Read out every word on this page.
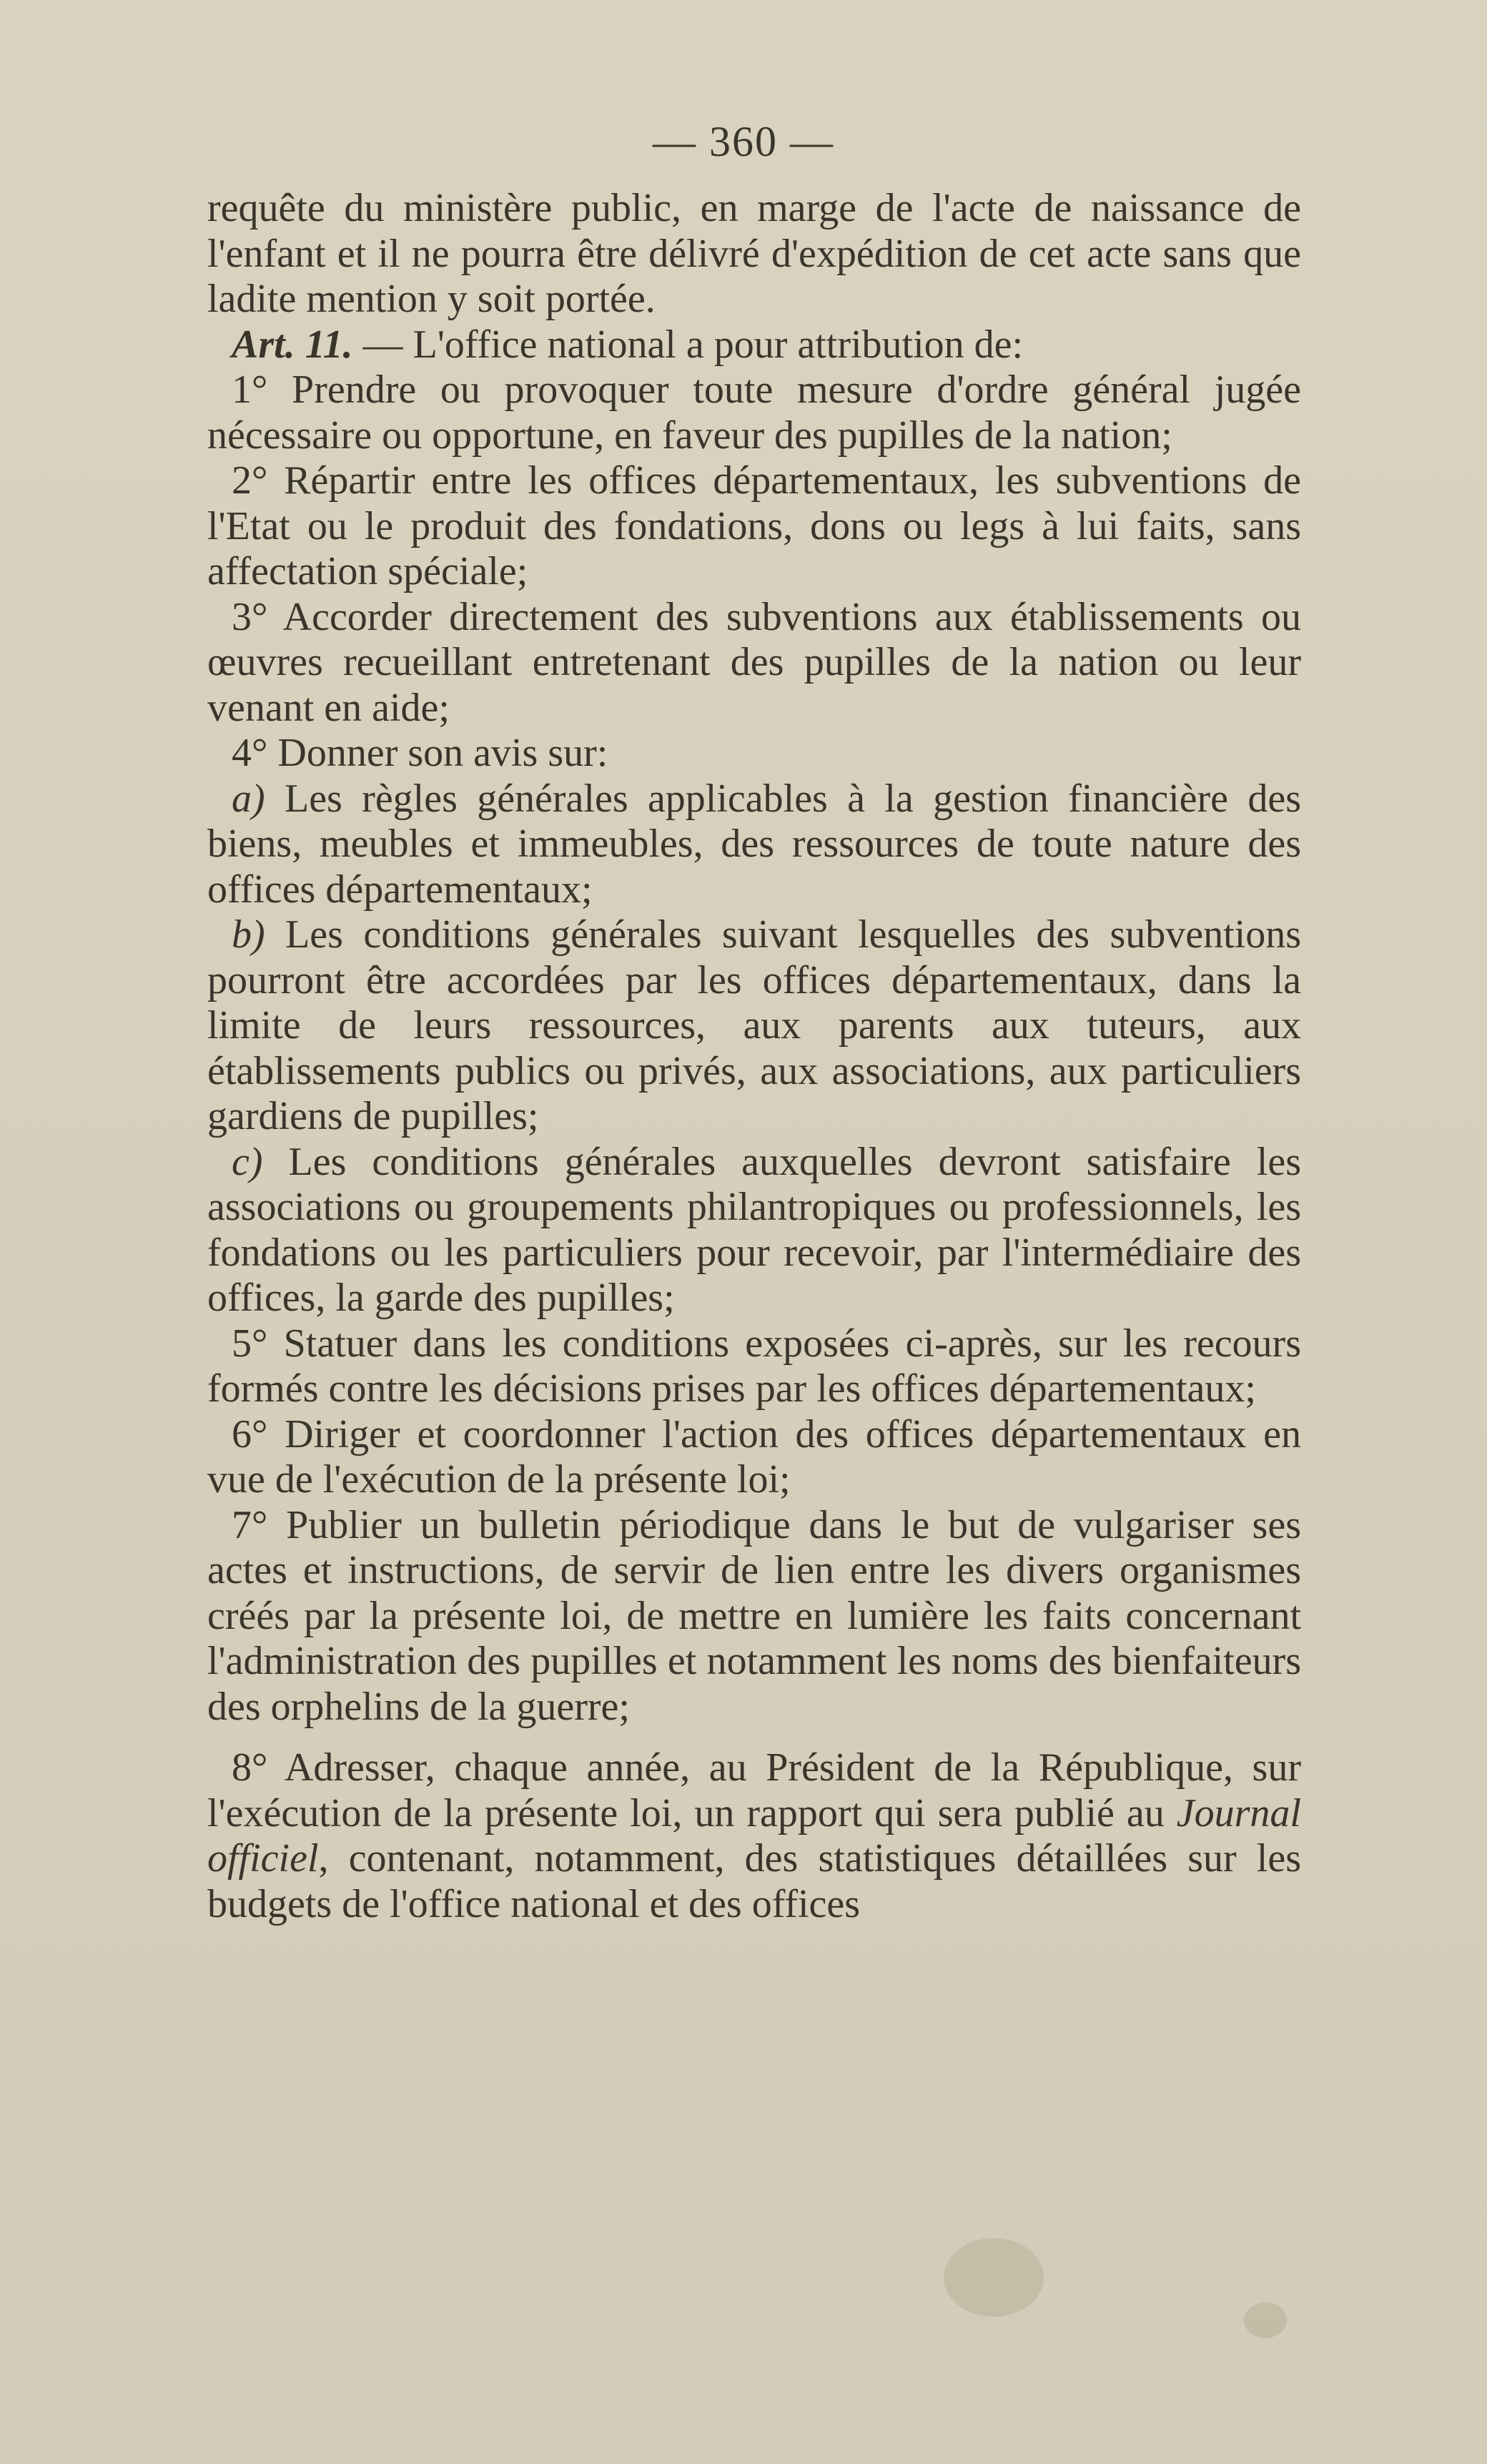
— 360 —

requête du ministère public, en marge de l'acte de naissance de l'enfant et il ne pourra être délivré d'expédition de cet acte sans que ladite mention y soit portée.

Art. 11. — L'office national a pour attribution de:

1° Prendre ou provoquer toute mesure d'ordre général jugée nécessaire ou opportune, en faveur des pupilles de la nation;

2° Répartir entre les offices départementaux, les subventions de l'Etat ou le produit des fondations, dons ou legs à lui faits, sans affectation spéciale;

3° Accorder directement des subventions aux établissements ou œuvres recueillant entretenant des pupilles de la nation ou leur venant en aide;

4° Donner son avis sur:

a) Les règles générales applicables à la gestion financière des biens, meubles et immeubles, des ressources de toute nature des offices départementaux;

b) Les conditions générales suivant lesquelles des subventions pourront être accordées par les offices départementaux, dans la limite de leurs ressources, aux parents aux tuteurs, aux établissements publics ou privés, aux associations, aux particuliers gardiens de pupilles;

c) Les conditions générales auxquelles devront satisfaire les associations ou groupements philantropiques ou professionnels, les fondations ou les particuliers pour recevoir, par l'intermédiaire des offices, la garde des pupilles;

5° Statuer dans les conditions exposées ci-après, sur les recours formés contre les décisions prises par les offices départementaux;

6° Diriger et coordonner l'action des offices départementaux en vue de l'exécution de la présente loi;

7° Publier un bulletin périodique dans le but de vulgariser ses actes et instructions, de servir de lien entre les divers organismes créés par la présente loi, de mettre en lumière les faits concernant l'administration des pupilles et notamment les noms des bienfaiteurs des orphelins de la guerre;

8° Adresser, chaque année, au Président de la République, sur l'exécution de la présente loi, un rapport qui sera publié au Journal officiel, contenant, notamment, des statistiques détaillées sur les budgets de l'office national et des offices
